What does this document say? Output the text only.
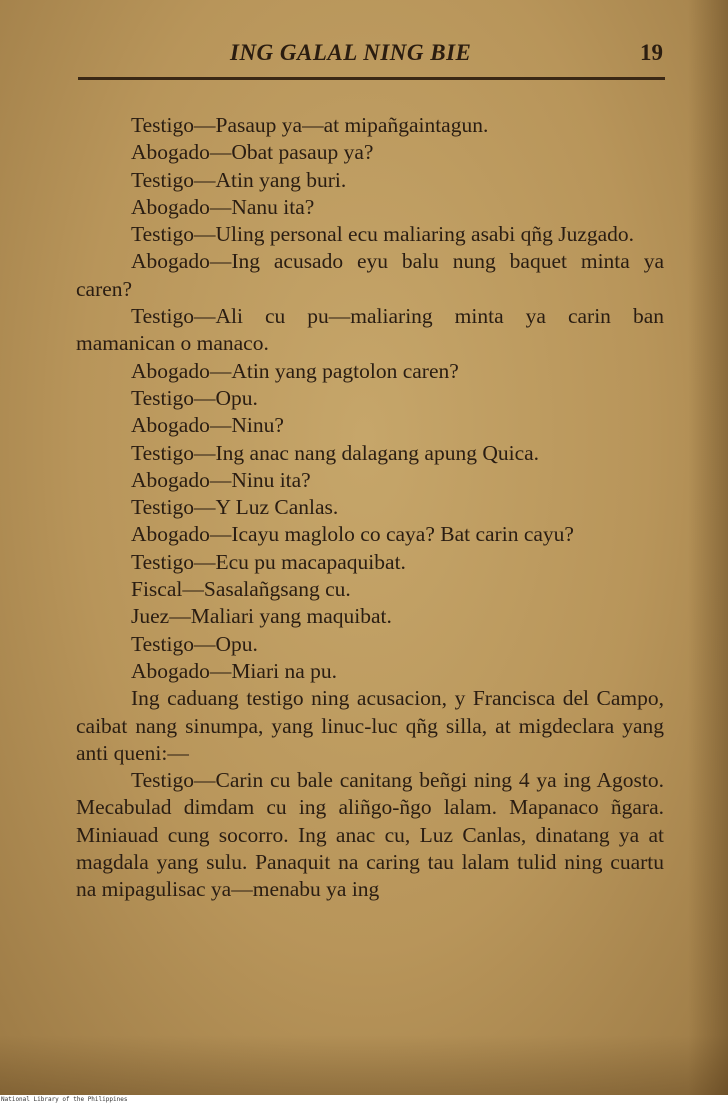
ING GALAL NING BIE	19

Testigo—Pasaup ya—at mipañgaintagun.

Abogado—Obat pasaup ya?

Testigo—Atin yang buri.

Abogado—Nanu ita?

Testigo—Uling personal ecu maliaring asabi qñg Juzgado.

Abogado—Ing acusado eyu balu nung baquet minta ya caren?

Testigo—Ali cu pu—maliaring minta ya carin ban mamanican o manaco.

Abogado—Atin yang pagtolon caren?

Testigo—Opu.

Abogado—Ninu?

Testigo—Ing anac nang dalagang apung Quica.

Abogado—Ninu ita?

Testigo—Y Luz Canlas.

Abogado—Icayu maglolo co caya? Bat carin cayu?

Testigo—Ecu pu macapaquibat.

Fiscal—Sasalañgsang cu.

Juez—Maliari yang maquibat.

Testigo—Opu.

Abogado—Miari na pu.

Ing caduang testigo ning acusacion, y Francisca del Campo, caibat nang sinumpa, yang linuc-luc qñg silla, at migdeclara yang anti queni:—

Testigo—Carin cu bale canitang beñgi ning 4 ya ing Agosto. Mecabulad dimdam cu ing aliñgo-ñgo lalam. Mapanaco ñgara. Miniauad cung socorro. Ing anac cu, Luz Canlas, dinatang ya at magdala yang sulu. Panaquit na caring tau lalam tulid ning cuartu na mipagulisac ya—menabu ya ing

National Library of the Philippines
